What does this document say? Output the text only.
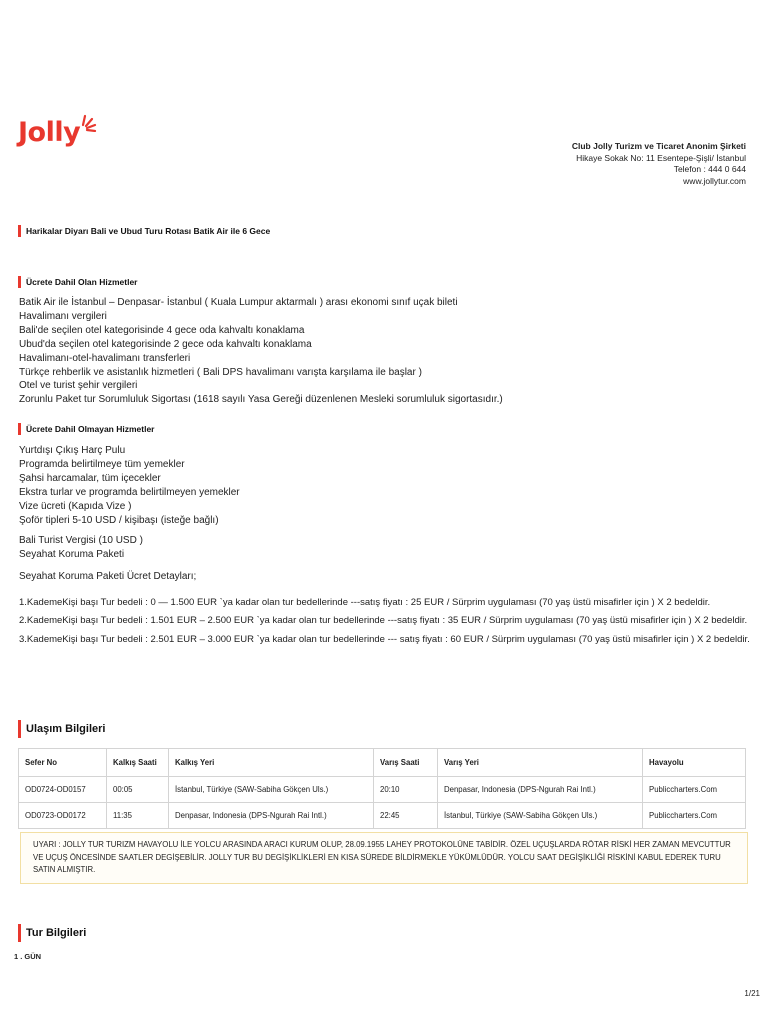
Jolly	Club Jolly Turizm ve Ticaret Anonim Şirketi
Hikaye Sokak No: 11 Esentepe-Şişli/ İstanbul
Telefon : 444 0 644
www.jollytur.com
Harikalar Diyarı Bali ve Ubud Turu Rotası Batik Air ile 6 Gece
Ücrete Dahil Olan Hizmetler
Batik Air ile İstanbul – Denpasar- İstanbul ( Kuala Lumpur aktarmalı ) arası ekonomi sınıf uçak bileti
Havalimanı vergileri
Bali'de seçilen otel kategorisinde 4 gece oda kahvaltı konaklama
Ubud'da seçilen otel kategorisinde 2 gece oda kahvaltı konaklama
Havalimanı-otel-havalimanı transferleri
Türkçe rehberlik ve asistanlık hizmetleri ( Bali DPS havalimanı varışta karşılama ile başlar )
Otel ve turist şehir vergileri
Zorunlu Paket tur Sorumluluk Sigortası (1618 sayılı Yasa Gereği düzenlenen Mesleki sorumluluk sigortasıdır.)
Ücrete Dahil Olmayan Hizmetler
Yurtdışı Çıkış Harç Pulu
Programda belirtilmeye tüm yemekler
Şahsi harcamalar, tüm içecekler
Ekstra turlar ve programda belirtilmeyen yemekler
Vize ücreti (Kapıda Vize )
Şoför tipleri 5-10 USD / kişibaşı (isteğe bağlı)
Bali Turist Vergisi (10 USD )
Seyahat Koruma Paketi
Seyahat Koruma Paketi Ücret Detayları;
1.KademeKişi başı Tur bedeli : 0 — 1.500 EUR `ya kadar olan tur bedellerinde ---satış fiyatı : 25 EUR / Sürprim uygulaması (70 yaş üstü misafirler için ) X 2 bedeldir. 2.KademeKişi başı Tur bedeli : 1.501 EUR – 2.500 EUR `ya kadar olan tur bedellerinde ---satış fiyatı : 35 EUR / Sürprim uygulaması (70 yaş üstü misafirler için ) X 2 bedeldir. 3.KademeKişi başı Tur bedeli : 2.501 EUR – 3.000 EUR `ya kadar olan tur bedellerinde --- satış fiyatı : 60 EUR / Sürprim uygulaması (70 yaş üstü misafirler için ) X 2 bedeldir.
Ulaşım Bilgileri
Sefer No	Kalkış Saati	Kalkış Yeri	Varış Saati	Varış Yeri	Havayolu
OD0724-OD0157	00:05	İstanbul, Türkiye (SAW-Sabiha Gökçen Uls.)	20:10	Denpasar, Indonesia (DPS-Ngurah Rai Intl.)	Publiccharters.Com
OD0723-OD0172	11:35	Denpasar, Indonesia (DPS-Ngurah Rai Intl.)	22:45	İstanbul, Türkiye (SAW-Sabiha Gökçen Uls.)	Publiccharters.Com
UYARI : JOLLY TUR TURIZM HAVAYOLU İLE YOLCU ARASINDA ARACI KURUM OLUP, 28.09.1955 LAHEY PROTOKOLÜNE TABİDİR. ÖZEL UÇUŞLARDA RÖTAR RİSKİ HER ZAMAN MEVCUTTUR VE UÇUŞ ÖNCESİNDE SAATLER DEGİŞEBİLİR. JOLLY TUR BU DEGİŞİKLİKLERİ EN KISA SÜREDE BİLDİRMEKLE YÜKÜMLÜDÜR. YOLCU SAAT DEGİŞİKLİĞİ RİSKİNİ KABUL EDEREK TURU SATIN ALMIŞTIR.
Tur Bilgileri
1 . GÜN
1/21
